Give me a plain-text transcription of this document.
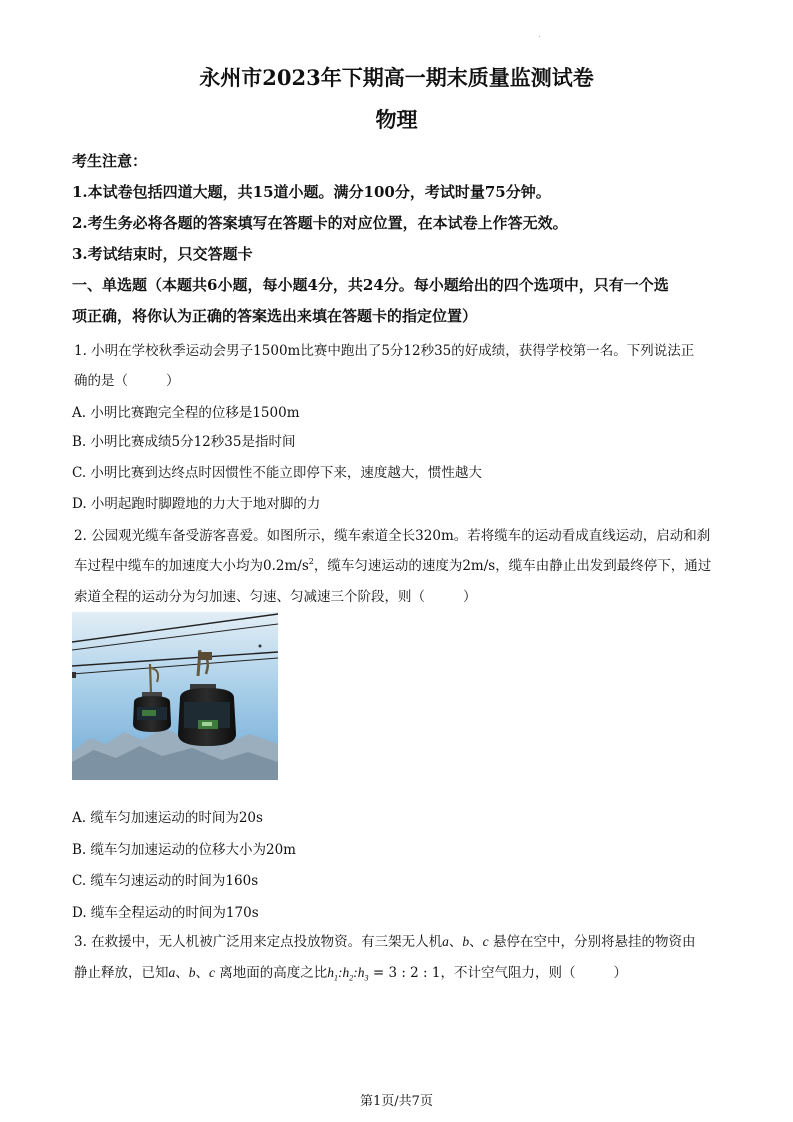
.
永州市2023年下期高一期末质量监测试卷
物理
考生注意：
1.本试卷包括四道大题，共15道小题。满分100分，考试时量75分钟。
2.考生务必将各题的答案填写在答题卡的对应位置，在本试卷上作答无效。
3.考试结束时，只交答题卡
一、单选题（本题共6小题，每小题4分，共24分。每小题给出的四个选项中，只有一个选
项正确，将你认为正确的答案选出来填在答题卡的指定位置）
1. 小明在学校秋季运动会男子1500m比赛中跑出了5分12秒35的好成绩，获得学校第一名。下列说法正
确的是（	）
A. 小明比赛跑完全程的位移是1500m
B. 小明比赛成绩5分12秒35是指时间
C. 小明比赛到达终点时因惯性不能立即停下来，速度越大，惯性越大
D. 小明起跑时脚蹬地的力大于地对脚的力
2. 公园观光缆车备受游客喜爱。如图所示，缆车索道全长320m。若将缆车的运动看成直线运动，启动和刹
车过程中缆车的加速度大小均为$0.2m/s^2$，缆车匀速运动的速度为2m/s，缆车由静止出发到最终停下，通过
索道全程的运动分为匀加速、匀速、匀减速三个阶段，则（	）
A. 缆车匀加速运动的时间为20s
B. 缆车匀加速运动的位移大小为20m
C. 缆车匀速运动的时间为160s
D. 缆车全程运动的时间为170s
3. 在救援中，无人机被广泛用来定点投放物资。有三架无人机a、b、c 悬停在空中，分别将悬挂的物资由
静止释放，已知a、b、c 离地面的高度之比$h_1:h_2:h_3 = 3$ : 2 : 1，不计空气阻力，则（	）
第1页/共7页
